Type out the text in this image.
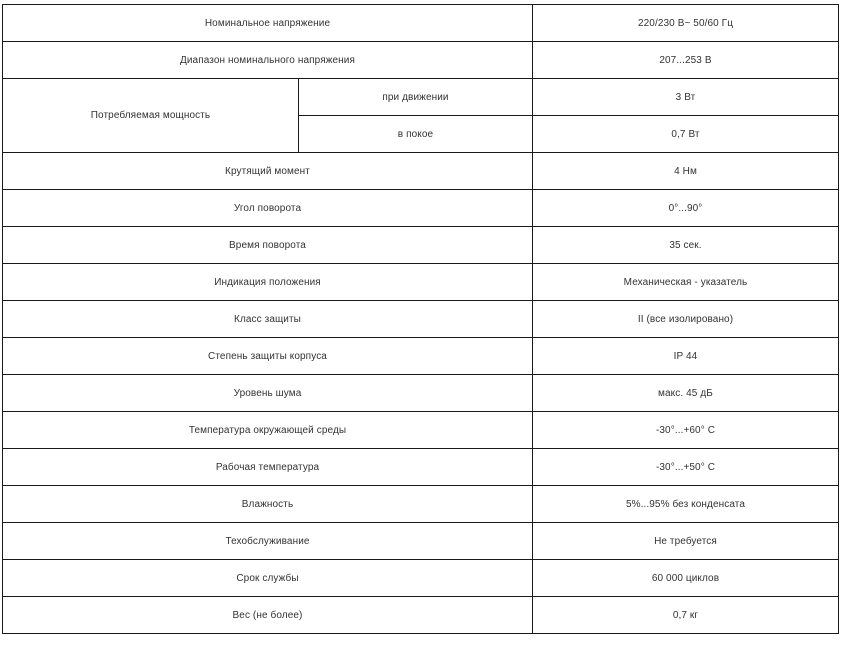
Номинальное напряжение		220/230 В~ 50/60 Гц
Диапазон номинального напряжения		207...253 В
Потребляемая мощность	при движении	3 Вт
	в покое	0,7 Вт
Крутящий момент		4 Нм
Угол поворота		0°...90°
Время поворота		35 сек.
Индикация положения		Механическая - указатель
Класс защиты		II (все изолировано)
Степень защиты корпуса		IP 44
Уровень шума		макс. 45 дБ
Температура окружающей среды		-30°...+60° C
Рабочая температура		-30°...+50° C
Влажность		5%...95% без конденсата
Техобслуживание		Не требуется
Срок службы		60 000 циклов
Вес (не более)		0,7 кг
